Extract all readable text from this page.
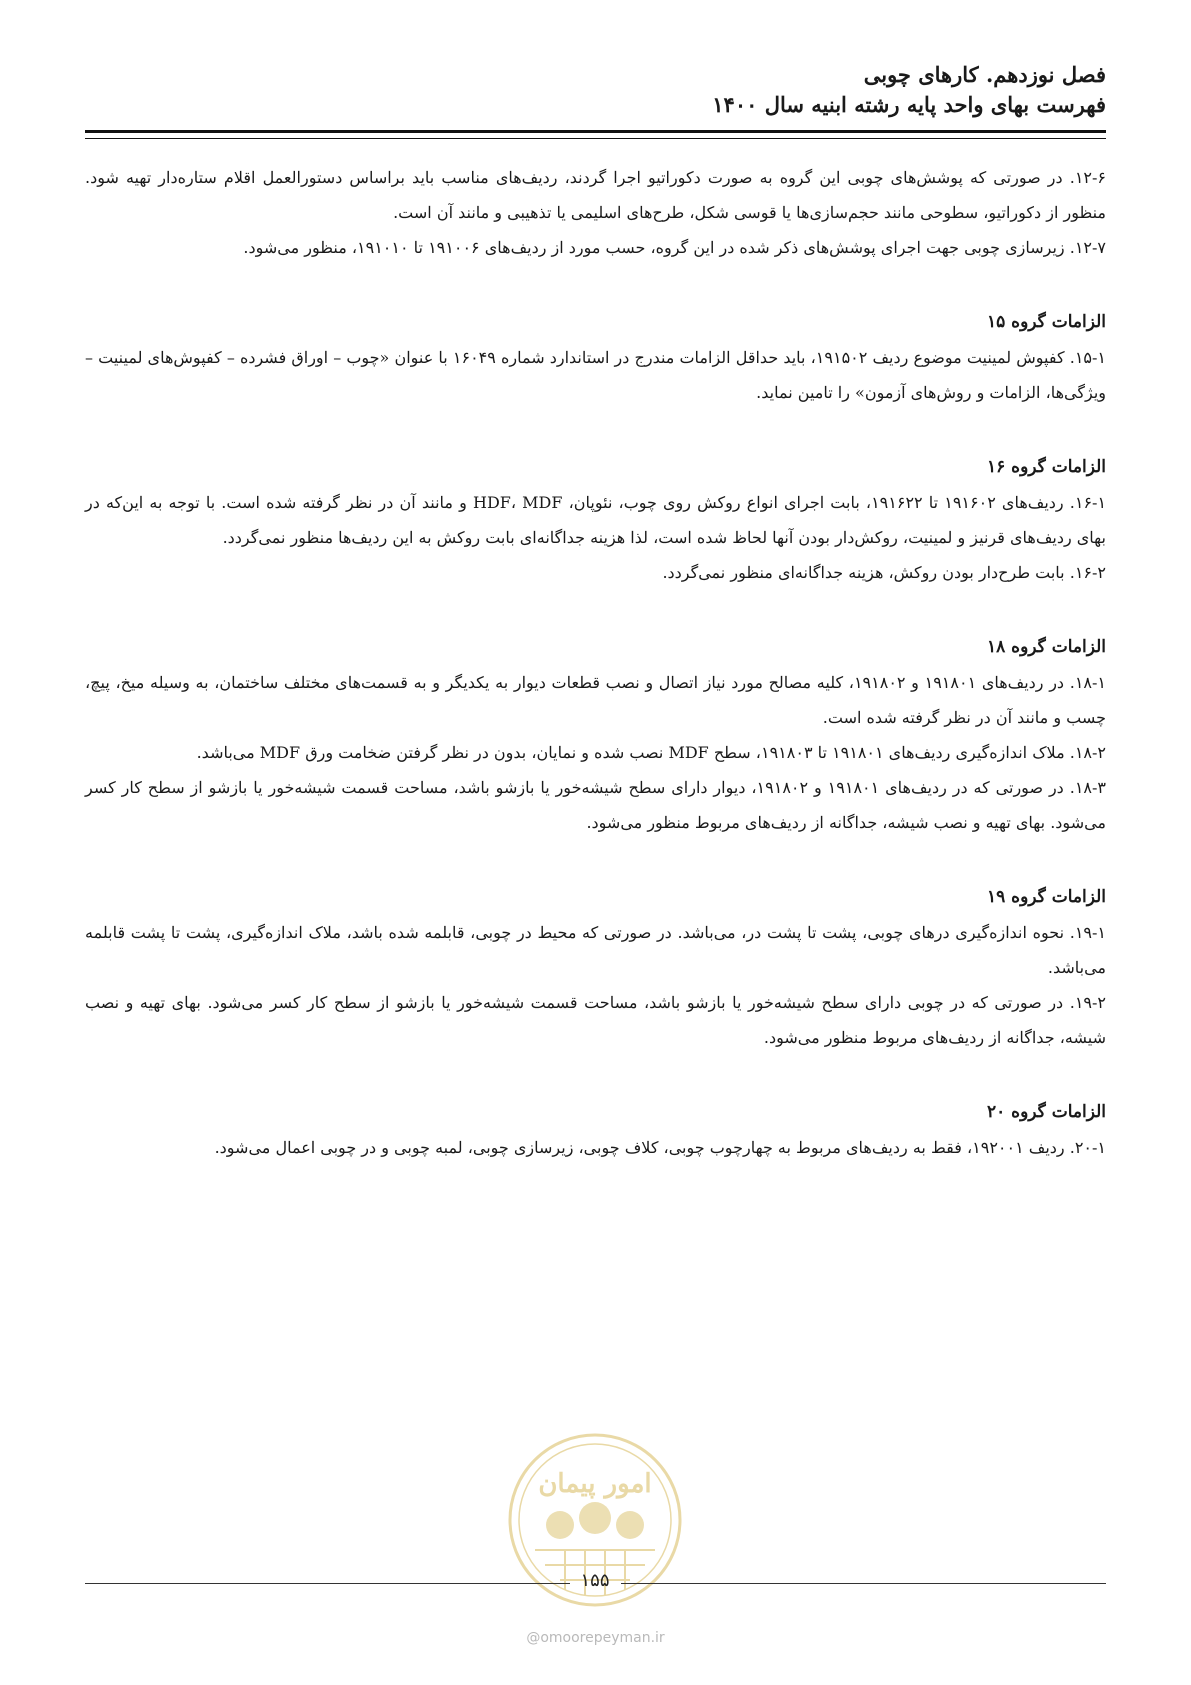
فصل نوزدهم. کارهای چوبی

فهرست بهای واحد پایه رشته ابنیه سال ۱۴۰۰

۱۲-۶. در صورتی که پوشش‌های چوبی این گروه به صورت دکوراتیو اجرا گردند، ردیف‌های مناسب باید براساس دستورالعمل اقلام ستاره‌دار تهیه شود. منظور از دکوراتیو، سطوحی مانند حجم‌سازی‌ها یا قوسی شکل، طرح‌های اسلیمی یا تذهیبی و مانند آن است.

۱۲-۷. زیرسازی چوبی جهت اجرای پوشش‌های ذکر شده در این گروه، حسب مورد از ردیف‌های ۱۹۱۰۰۶ تا ۱۹۱۰۱۰، منظور می‌شود.

الزامات گروه ۱۵

۱۵-۱. کفپوش لمینیت موضوع ردیف ۱۹۱۵۰۲، باید حداقل الزامات مندرج در استاندارد شماره ۱۶۰۴۹ با عنوان «چوب – اوراق فشرده – کفپوش‌های لمینیت – ویژگی‌ها، الزامات و روش‌های آزمون» را تامین نماید.

الزامات گروه ۱۶

۱۶-۱. ردیف‌های ۱۹۱۶۰۲ تا ۱۹۱۶۲۲، بابت اجرای انواع روکش روی چوب، نئوپان، HDF، MDF و مانند آن در نظر گرفته شده است. با توجه به این‌که در بهای ردیف‌های قرنیز و لمینیت، روکش‌دار بودن آنها لحاظ شده است، لذا هزینه جداگانه‌ای بابت روکش به این ردیف‌ها منظور نمی‌گردد.

۱۶-۲. بابت طرح‌دار بودن روکش، هزینه جداگانه‌ای منظور نمی‌گردد.

الزامات گروه ۱۸

۱۸-۱. در ردیف‌های ۱۹۱۸۰۱ و ۱۹۱۸۰۲، کلیه مصالح مورد نیاز اتصال و نصب قطعات دیوار به یکدیگر و به قسمت‌های مختلف ساختمان، به وسیله میخ، پیچ، چسب و مانند آن در نظر گرفته شده است.

۱۸-۲. ملاک اندازه‌گیری ردیف‌های ۱۹۱۸۰۱ تا ۱۹۱۸۰۳، سطح MDF نصب شده و نمایان، بدون در نظر گرفتن ضخامت ورق MDF می‌باشد.

۱۸-۳. در صورتی که در ردیف‌های ۱۹۱۸۰۱ و ۱۹۱۸۰۲، دیوار دارای سطح شیشه‌خور یا بازشو باشد، مساحت قسمت شیشه‌خور یا بازشو از سطح کار کسر می‌شود. بهای تهیه و نصب شیشه، جداگانه از ردیف‌های مربوط منظور می‌شود.

الزامات گروه ۱۹

۱۹-۱. نحوه اندازه‌گیری درهای چوبی، پشت تا پشت در، می‌باشد. در صورتی که محیط در چوبی، قابلمه شده باشد، ملاک اندازه‌گیری، پشت تا پشت قابلمه می‌باشد.

۱۹-۲. در صورتی که در چوبی دارای سطح شیشه‌خور یا بازشو باشد، مساحت قسمت شیشه‌خور یا بازشو از سطح کار کسر می‌شود. بهای تهیه و نصب شیشه، جداگانه از ردیف‌های مربوط منظور می‌شود.

الزامات گروه ۲۰

۲۰-۱. ردیف ۱۹۲۰۰۱، فقط به ردیف‌های مربوط به چهارچوب چوبی، کلاف چوبی، زیرسازی چوبی، لمبه چوبی و در چوبی اعمال می‌شود.

امور پیمان
۱۵۵
@omoorepeyman.ir
